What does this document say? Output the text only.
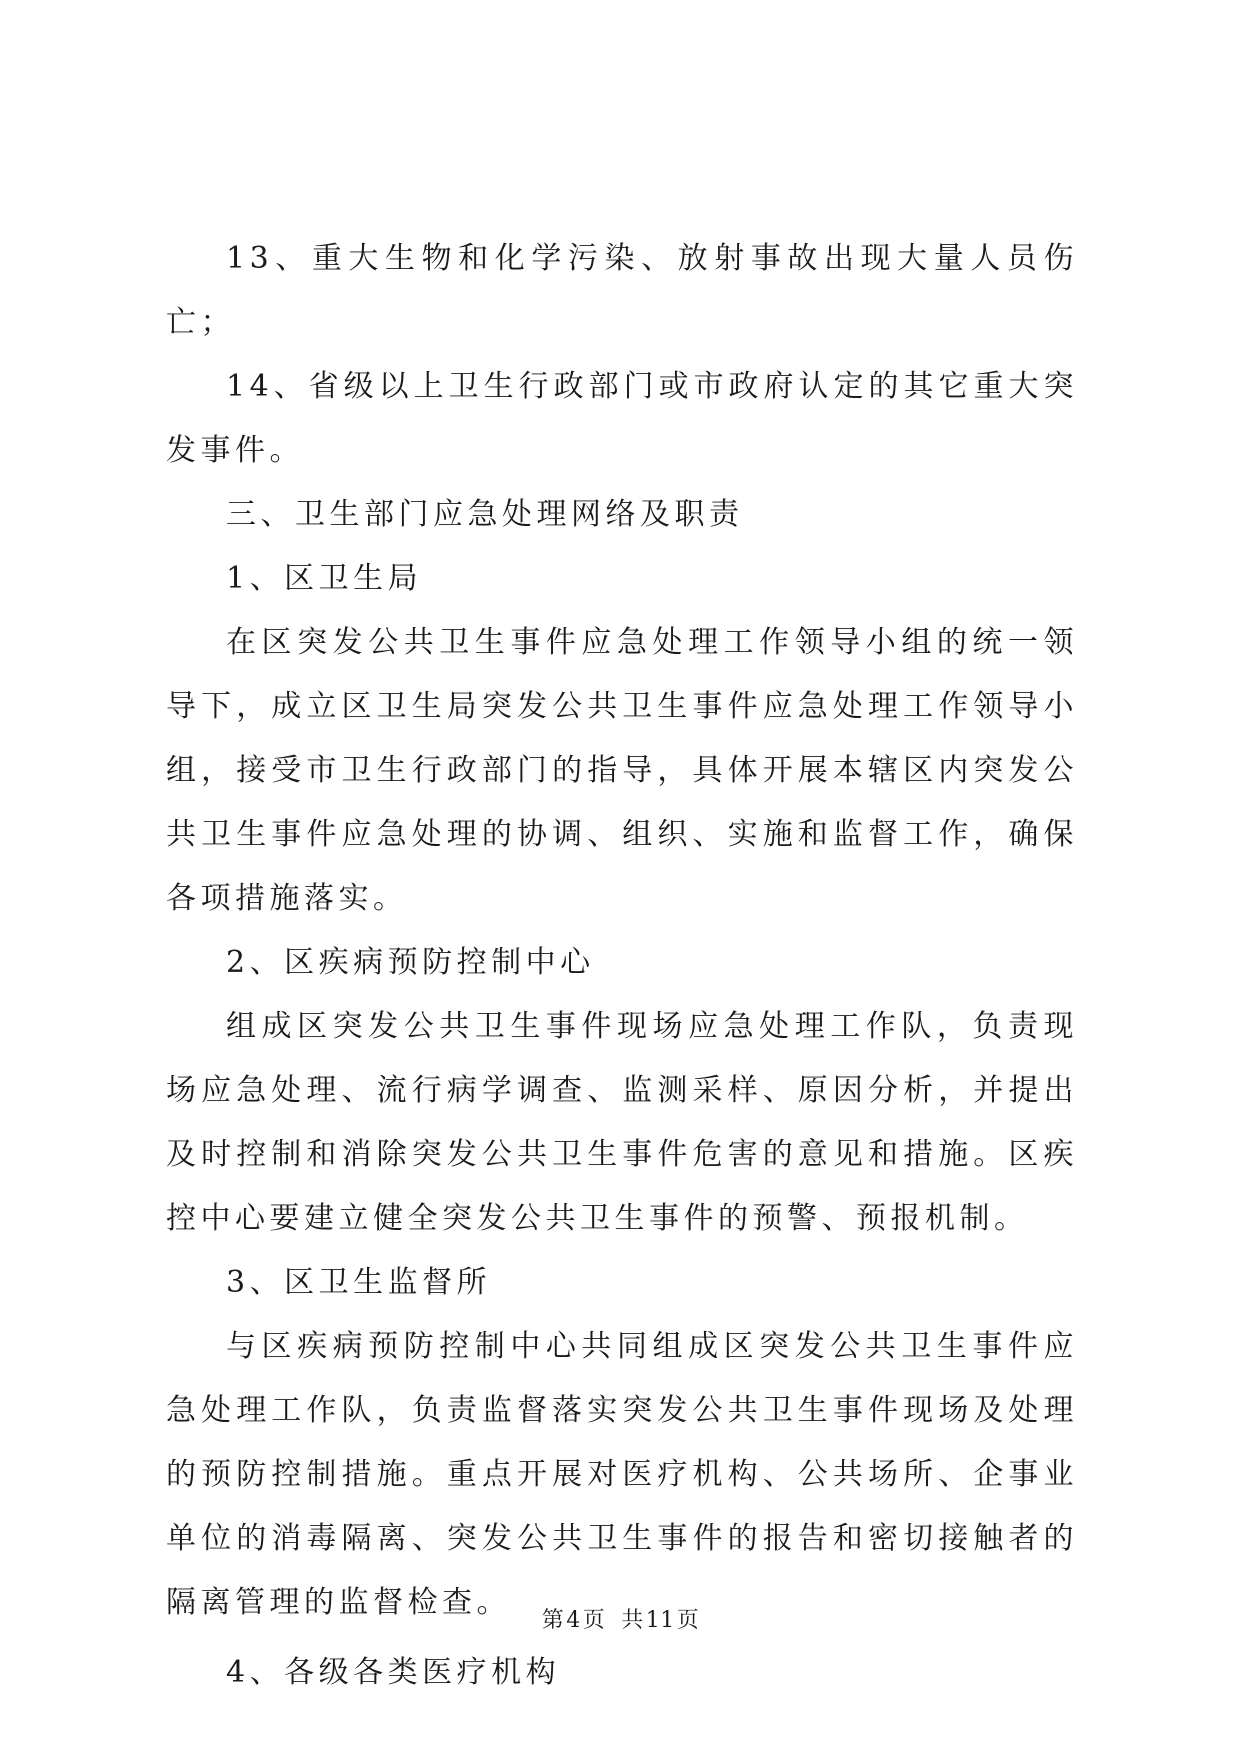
13、重大生物和化学污染、放射事故出现大量人员伤亡；

14、省级以上卫生行政部门或市政府认定的其它重大突发事件。

三、卫生部门应急处理网络及职责

1、区卫生局

在区突发公共卫生事件应急处理工作领导小组的统一领导下，成立区卫生局突发公共卫生事件应急处理工作领导小组，接受市卫生行政部门的指导，具体开展本辖区内突发公共卫生事件应急处理的协调、组织、实施和监督工作，确保各项措施落实。

2、区疾病预防控制中心

组成区突发公共卫生事件现场应急处理工作队，负责现场应急处理、流行病学调查、监测采样、原因分析，并提出及时控制和消除突发公共卫生事件危害的意见和措施。区疾控中心要建立健全突发公共卫生事件的预警、预报机制。

3、区卫生监督所

与区疾病预防控制中心共同组成区突发公共卫生事件应急处理工作队，负责监督落实突发公共卫生事件现场及处理的预防控制措施。重点开展对医疗机构、公共场所、企事业单位的消毒隔离、突发公共卫生事件的报告和密切接触者的隔离管理的监督检查。

4、各级各类医疗机构

第4页 共11页
